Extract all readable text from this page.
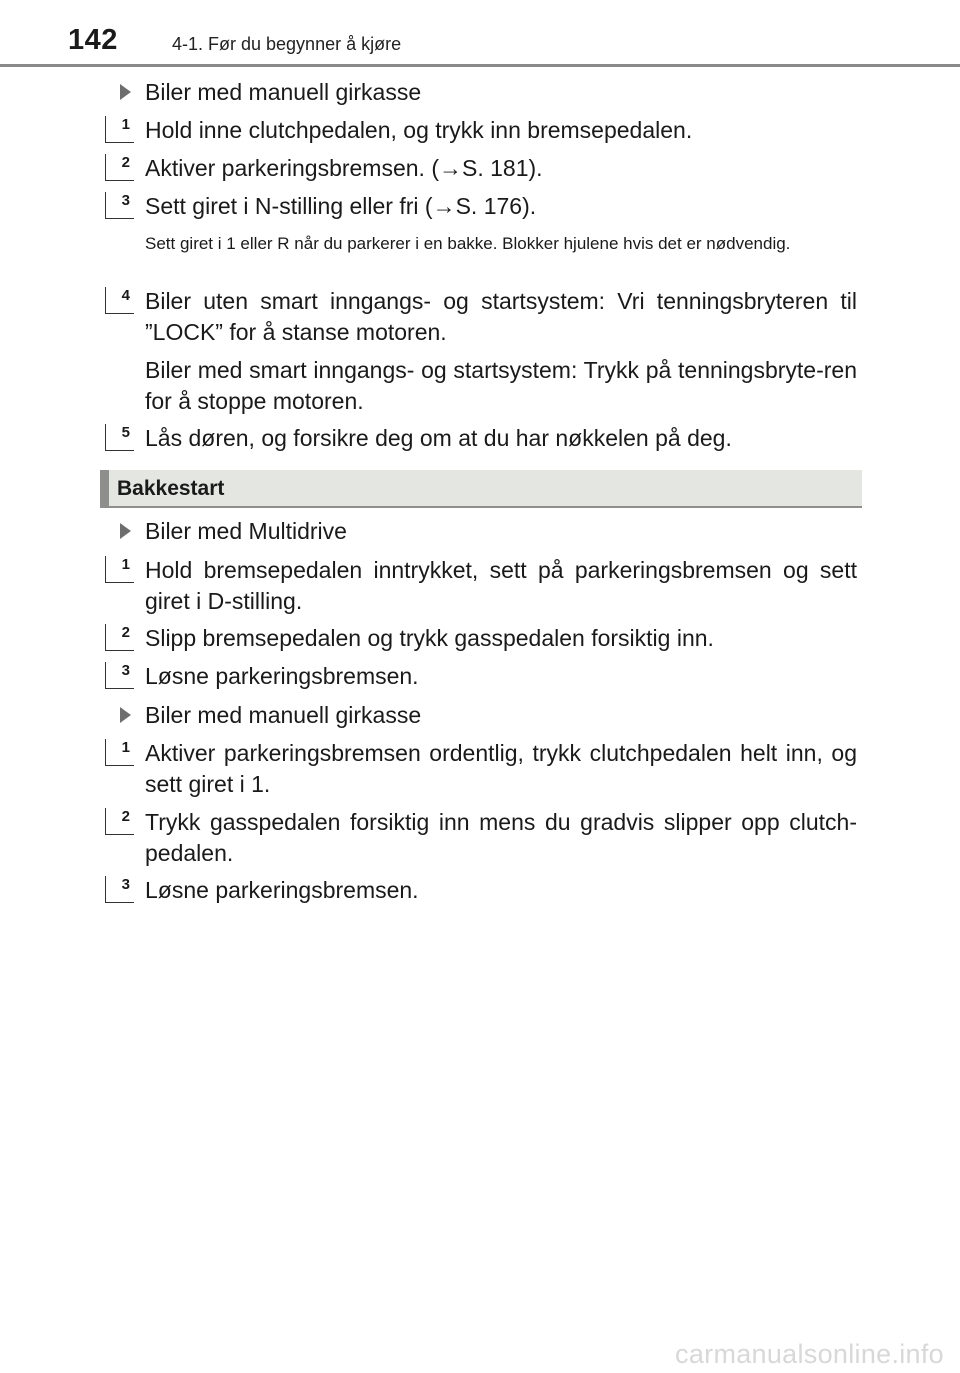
142	4-1. Før du begynner å kjøre
Biler med manuell girkasse
1 Hold inne clutchpedalen, og trykk inn bremsepedalen.
2 Aktiver parkeringsbremsen. (→S. 181).
3 Sett giret i N-stilling eller fri (→S. 176).
Sett giret i 1 eller R når du parkerer i en bakke. Blokker hjulene hvis det er nødvendig.
4 Biler uten smart inngangs- og startsystem: Vri tenningsbryteren til ”LOCK” for å stanse motoren.
Biler med smart inngangs- og startsystem: Trykk på tenningsbryte-ren for å stoppe motoren.
5 Lås døren, og forsikre deg om at du har nøkkelen på deg.
Bakkestart
Biler med Multidrive
1 Hold bremsepedalen inntrykket, sett på parkeringsbremsen og sett giret i D-stilling.
2 Slipp bremsepedalen og trykk gasspedalen forsiktig inn.
3 Løsne parkeringsbremsen.
Biler med manuell girkasse
1 Aktiver parkeringsbremsen ordentlig, trykk clutchpedalen helt inn, og sett giret i 1.
2 Trykk gasspedalen forsiktig inn mens du gradvis slipper opp clutch-pedalen.
3 Løsne parkeringsbremsen.
carmanualsonline.info
